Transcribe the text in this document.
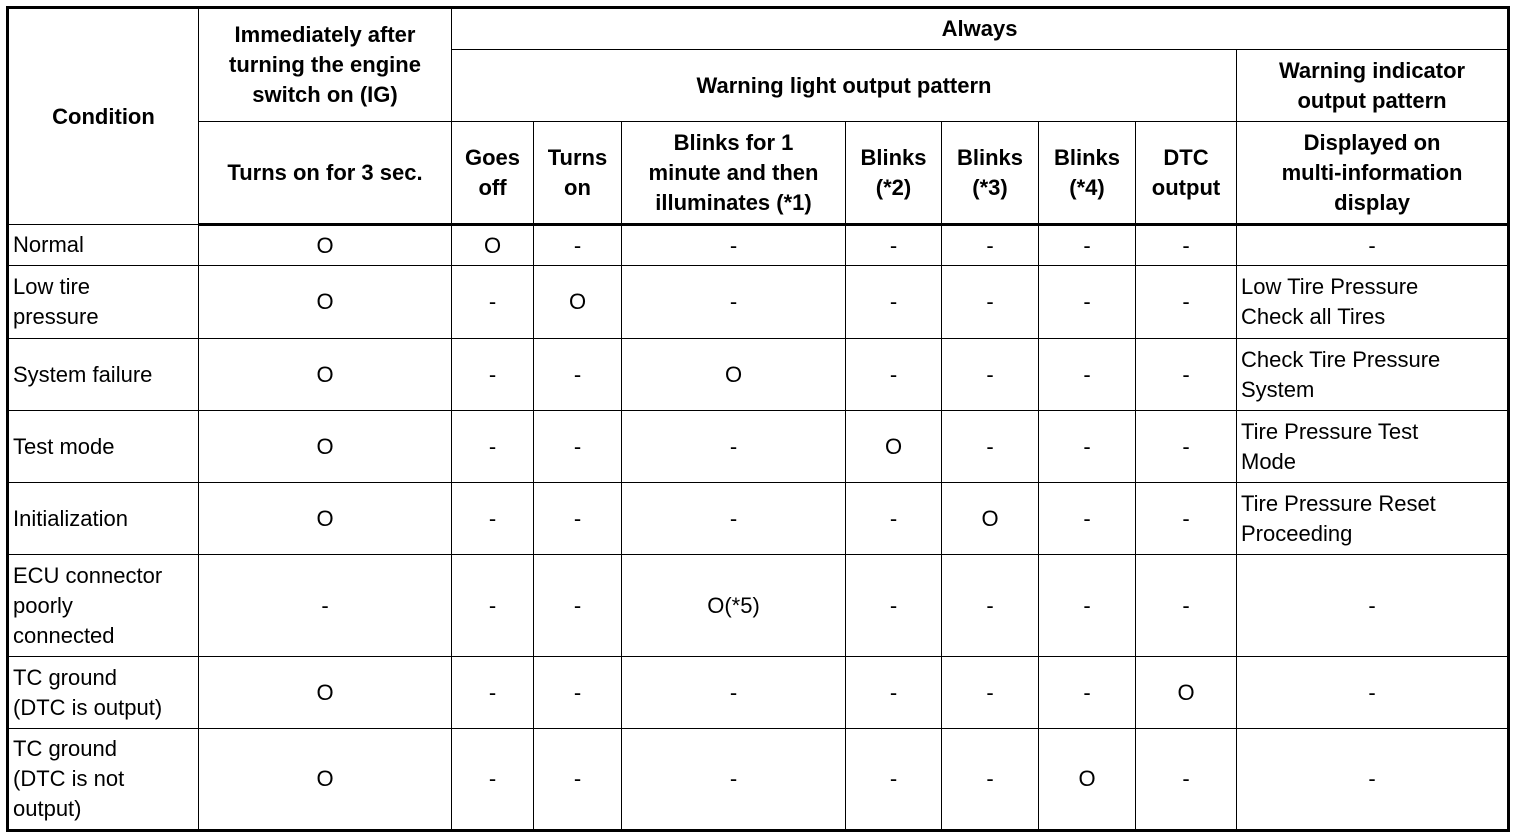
Condition	Immediately after
turning the engine
switch on (IG)	Always							
		Warning light output pattern							Warning indicator
output pattern
	Turns on for 3 sec.	Goes
off	Turns
on	Blinks for 1
minute and then
illuminates (*1)	Blinks
(*2)	Blinks
(*3)	Blinks
(*4)	DTC
output	Displayed on
multi-information
display
Normal	O	O	-	-	-	-	-	-	-
Low tire
pressure	O	-	O	-	-	-	-	-	Low Tire Pressure
Check all Tires
System failure	O	-	-	O	-	-	-	-	Check Tire Pressure
System
Test mode	O	-	-	-	O	-	-	-	Tire Pressure Test
Mode
Initialization	O	-	-	-	-	O	-	-	Tire Pressure Reset
Proceeding
ECU connector
poorly
connected	-	-	-	O(*5)	-	-	-	-	-
TC ground
(DTC is output)	O	-	-	-	-	-	-	O	-
TC ground
(DTC is not
output)	O	-	-	-	-	-	O	-	-
